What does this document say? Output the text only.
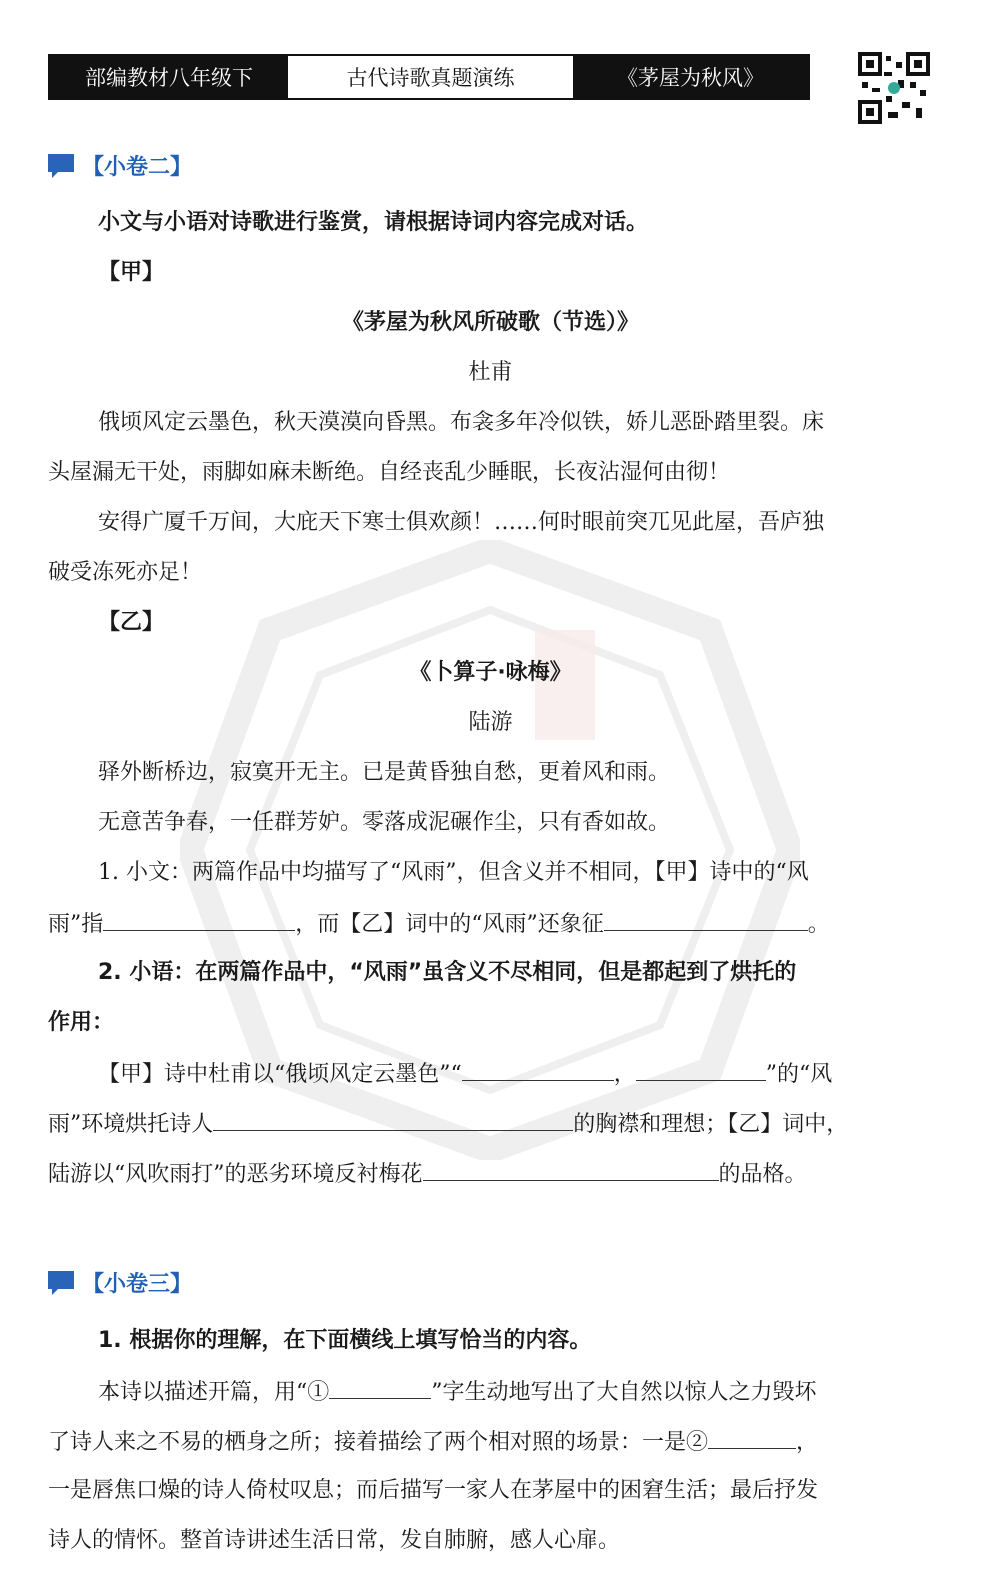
部编教材八年级下	古代诗歌真题演练	《茅屋为秋风》
【小卷二】
小文与小语对诗歌进行鉴赏，请根据诗词内容完成对话。
【甲】
《茅屋为秋风所破歌（节选）》
杜甫
俄顷风定云墨色，秋天漠漠向昏黑。布衾多年冷似铁，娇儿恶卧踏里裂。床
头屋漏无干处，雨脚如麻未断绝。自经丧乱少睡眠，长夜沾湿何由彻！
安得广厦千万间，大庇天下寒士俱欢颜！……何时眼前突兀见此屋，吾庐独
破受冻死亦足！
【乙】
《卜算子·咏梅》
陆游
驿外断桥边，寂寞开无主。已是黄昏独自愁，更着风和雨。
无意苦争春，一任群芳妒。零落成泥碾作尘，只有香如故。
1. 小文：两篇作品中均描写了“风雨”，但含义并不相同，【甲】诗中的“风
雨”指	，而【乙】词中的“风雨”还象征	。
2. 小语：在两篇作品中，“风雨”虽含义不尽相同，但是都起到了烘托的
作用：
【甲】诗中杜甫以“俄顷风定云墨色”“	，	”的“风
雨”环境烘托诗人	的胸襟和理想；【乙】词中，
陆游以“风吹雨打”的恶劣环境反衬梅花	的品格。
【小卷三】
1. 根据你的理解，在下面横线上填写恰当的内容。
本诗以描述开篇，用“①	”字生动地写出了大自然以惊人之力毁坏
了诗人来之不易的栖身之所；接着描绘了两个相对照的场景：一是②	，
一是唇焦口燥的诗人倚杖叹息；而后描写一家人在茅屋中的困窘生活；最后抒发
诗人的情怀。整首诗讲述生活日常，发自肺腑，感人心扉。
